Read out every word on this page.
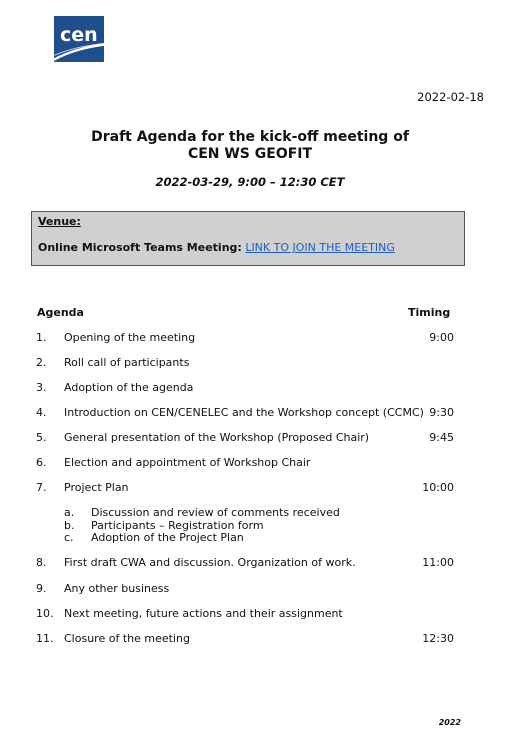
cen
2022-02-18
Draft Agenda for the kick-off meeting of
CEN WS GEOFIT
2022-03-29, 9:00 – 12:30 CET
Venue:
Online Microsoft Teams Meeting: LINK TO JOIN THE MEETING
Agenda	Timing
1.	Opening of the meeting	9:00
2.	Roll call of participants
3.	Adoption of the agenda
4.	Introduction on CEN/CENELEC and the Workshop concept (CCMC) 9:30
5.	General presentation of the Workshop (Proposed Chair)	9:45
6.	Election and appointment of Workshop Chair
7.	Project Plan	10:00
a. Discussion and review of comments received
b. Participants – Registration form
c. Adoption of the Project Plan
8.	First draft CWA and discussion. Organization of work.	11:00
9.	Any other business
10. Next meeting, future actions and their assignment
11. Closure of the meeting	12:30
2022
